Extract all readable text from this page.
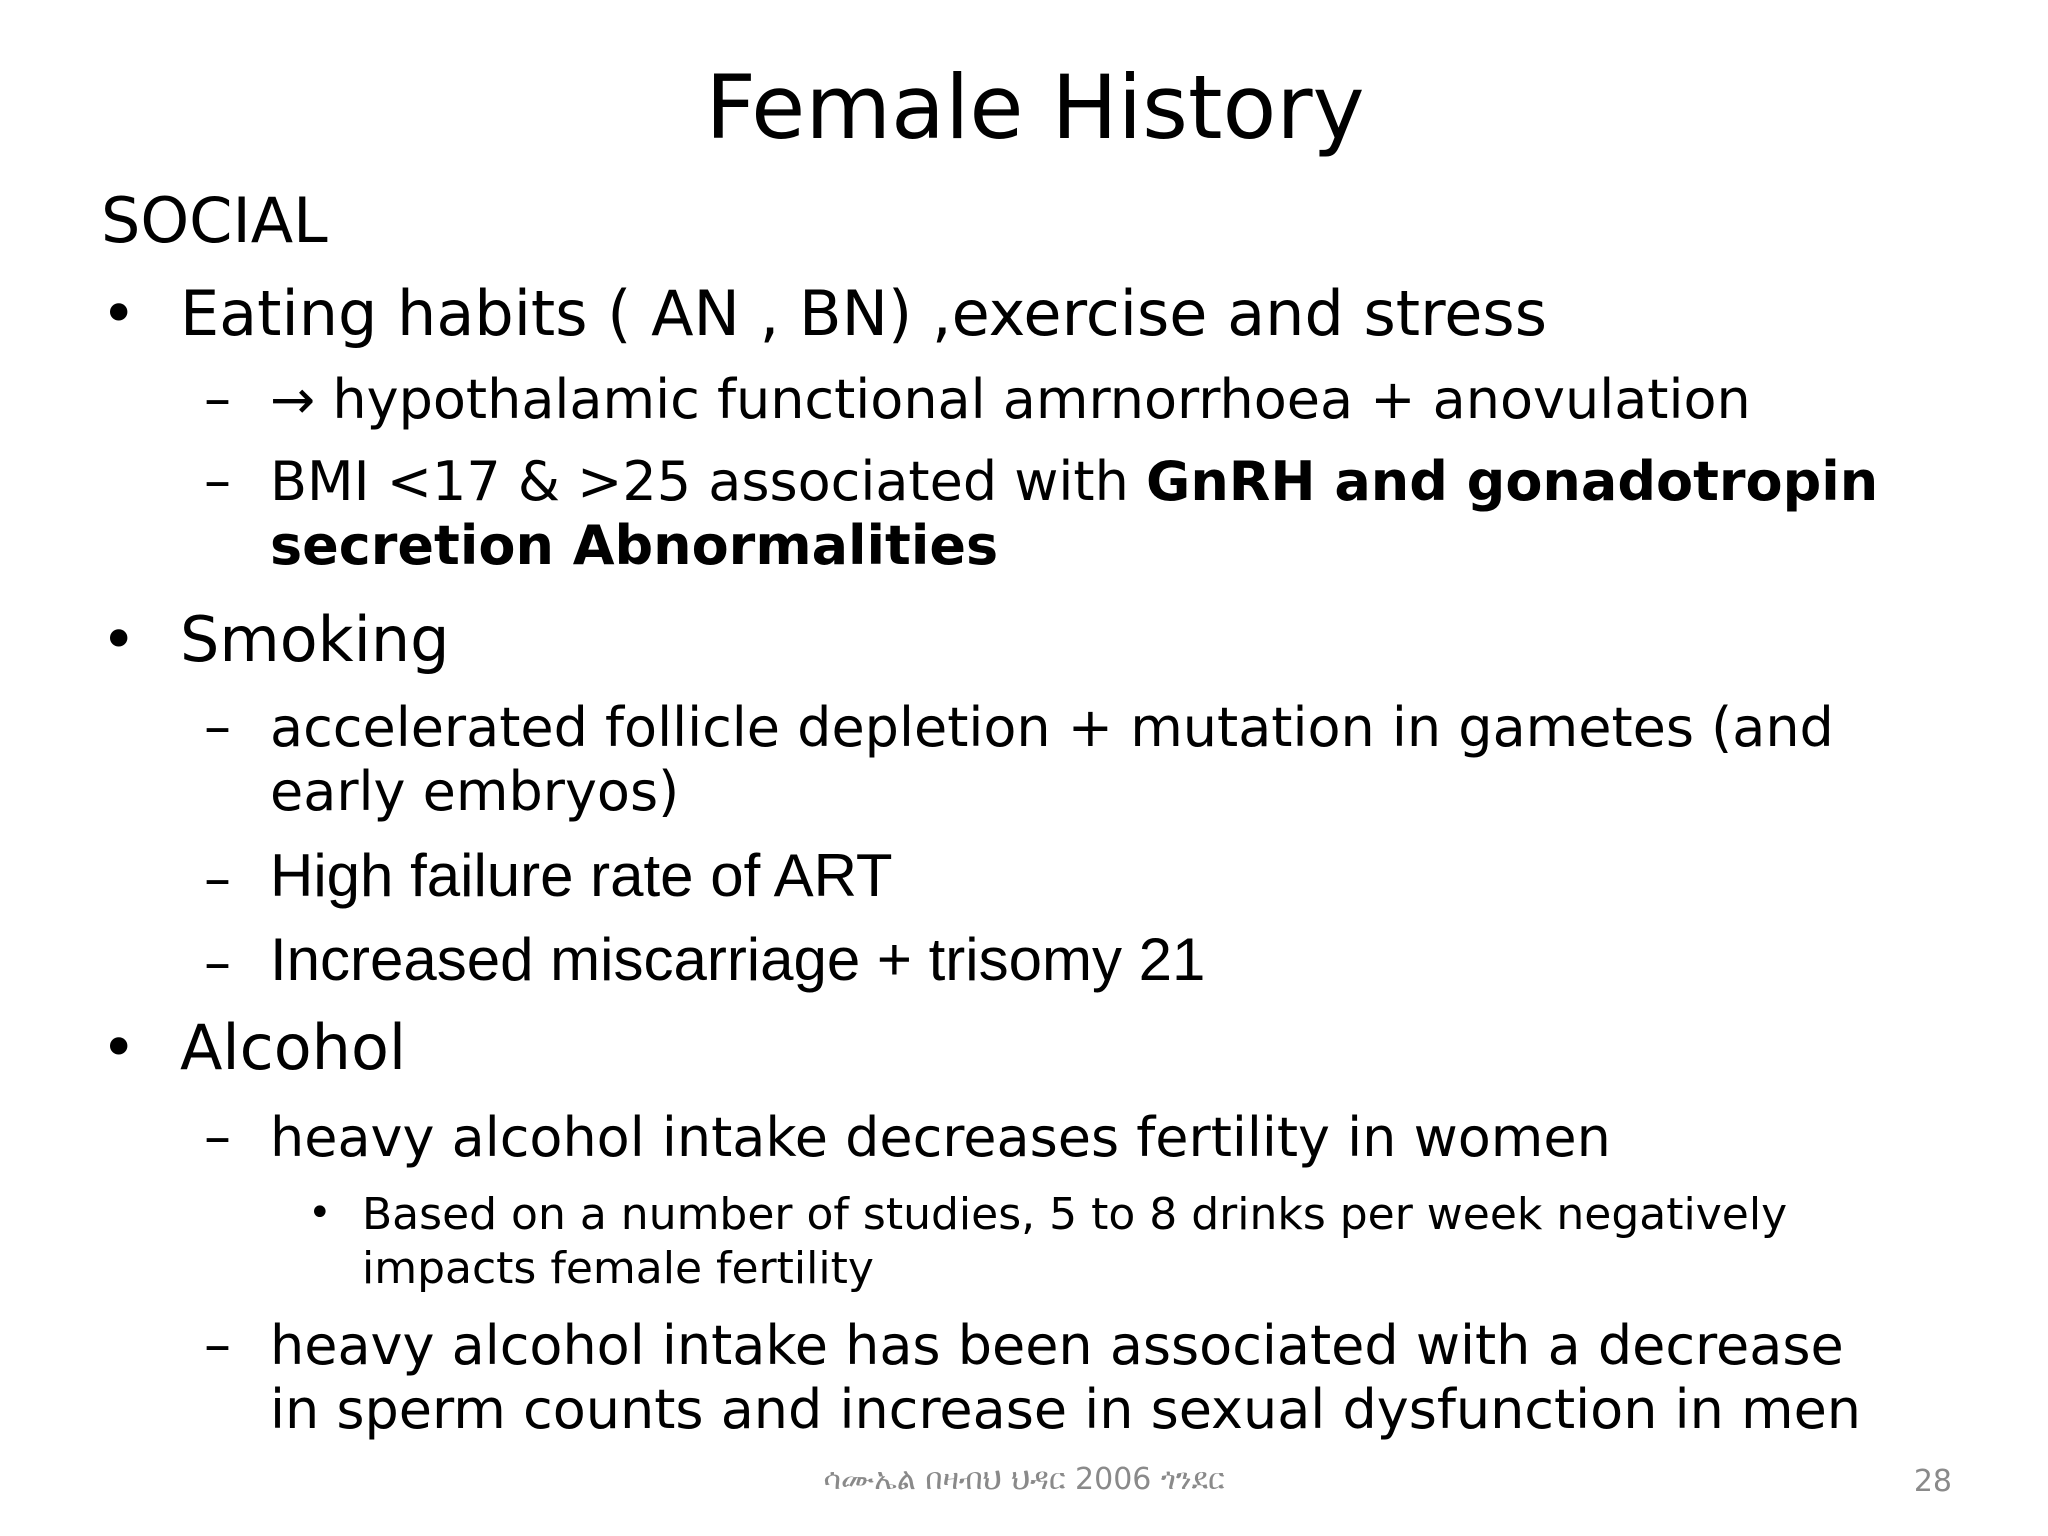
Female History
SOCIAL
• Eating habits ( AN , BN) ,exercise and stress
– → hypothalamic functional amrnorrhoea + anovulation
– BMI <17 & >25 associated with GnRH and gonadotropin
secretion Abnormalities
• Smoking
– accelerated follicle depletion + mutation in gametes (and
early embryos)
– High failure rate of ART
– Increased miscarriage + trisomy 21
• Alcohol
– heavy alcohol intake decreases fertility in women
• Based on a number of studies, 5 to 8 drinks per week negatively
impacts female fertility
– heavy alcohol intake has been associated with a decrease
in sperm counts and increase in sexual dysfunction in men
ሳሙኤል በዛብህ ህዳር 2006 ጎንደር	28
